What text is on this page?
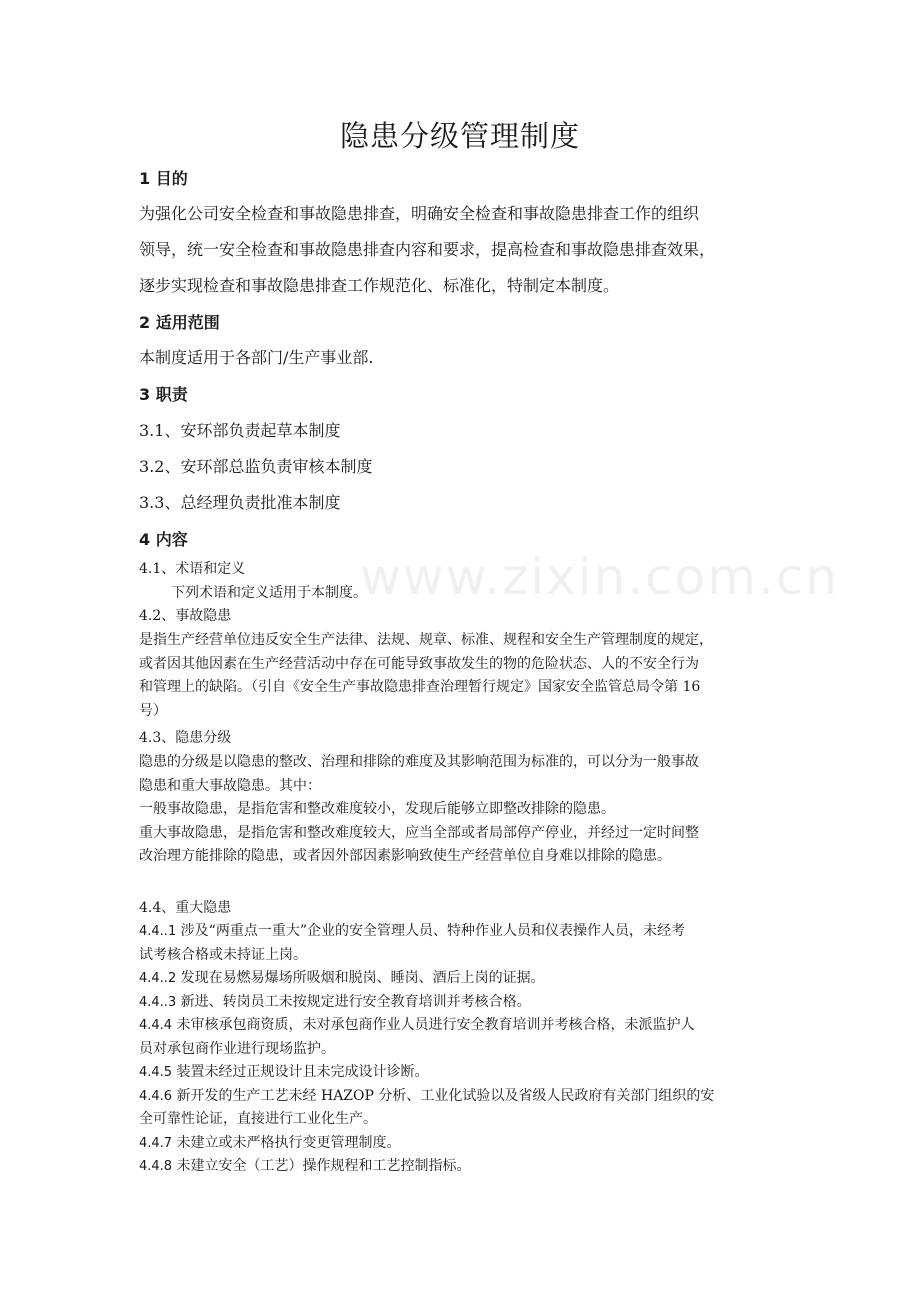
www.zixin.com.cn
隐患分级管理制度
1 目的
为强化公司安全检查和事故隐患排查，明确安全检查和事故隐患排查工作的组织
领导，统一安全检查和事故隐患排查内容和要求，提高检查和事故隐患排查效果，
逐步实现检查和事故隐患排查工作规范化、标准化，特制定本制度。
2 适用范围
本制度适用于各部门/生产事业部.
3 职责
3.1、安环部负责起草本制度
3.2、安环部总监负责审核本制度
3.3、总经理负责批准本制度
4 内容
4.1、术语和定义
下列术语和定义适用于本制度。
4.2、事故隐患
是指生产经营单位违反安全生产法律、法规、规章、标准、规程和安全生产管理制度的规定，
或者因其他因素在生产经营活动中存在可能导致事故发生的物的危险状态、人的不安全行为
和管理上的缺陷。（引自《安全生产事故隐患排查治理暂行规定》国家安全监管总局令第 16
号）
4.3、隐患分级
隐患的分级是以隐患的整改、治理和排除的难度及其影响范围为标准的，可以分为一般事故
隐患和重大事故隐患。其中：
一般事故隐患，是指危害和整改难度较小，发现后能够立即整改排除的隐患。
重大事故隐患，是指危害和整改难度较大，应当全部或者局部停产停业，并经过一定时间整
改治理方能排除的隐患，或者因外部因素影响致使生产经营单位自身难以排除的隐患。
4.4、重大隐患
4.4..1 涉及“两重点一重大”企业的安全管理人员、特种作业人员和仪表操作人员，未经考
试考核合格或未持证上岗。
4.4..2 发现在易燃易爆场所吸烟和脱岗、睡岗、酒后上岗的证据。
4.4..3 新进、转岗员工未按规定进行安全教育培训并考核合格。
4.4.4 未审核承包商资质，未对承包商作业人员进行安全教育培训并考核合格，未派监护人
员对承包商作业进行现场监护。
4.4.5 装置未经过正规设计且未完成设计诊断。
4.4.6 新开发的生产工艺未经 HAZOP 分析、工业化试验以及省级人民政府有关部门组织的安
全可靠性论证，直接进行工业化生产。
4.4.7 未建立或未严格执行变更管理制度。
4.4.8 未建立安全（工艺）操作规程和工艺控制指标。
